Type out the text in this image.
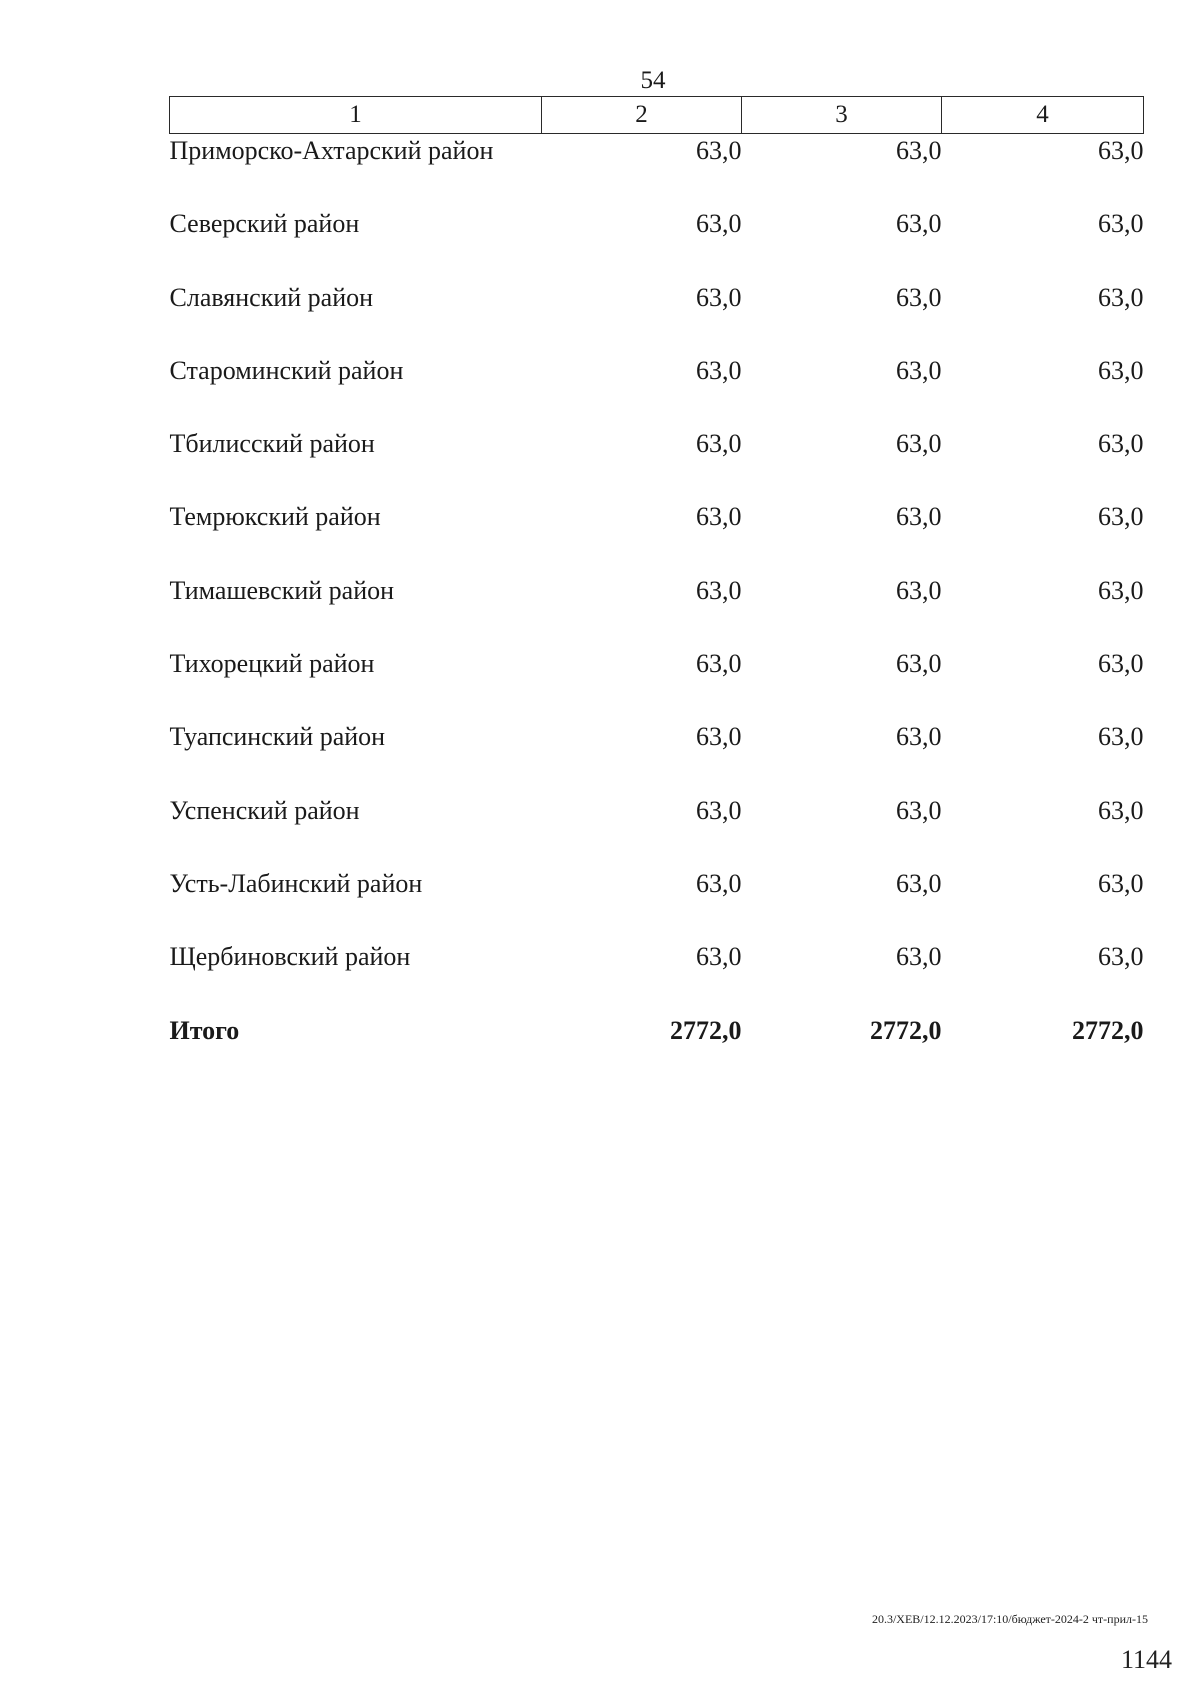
54
1	2	3	4
Приморско-Ахтарский район	63,0	63,0	63,0
Северский район	63,0	63,0	63,0
Славянский район	63,0	63,0	63,0
Староминский район	63,0	63,0	63,0
Тбилисский район	63,0	63,0	63,0
Темрюкский район	63,0	63,0	63,0
Тимашевский район	63,0	63,0	63,0
Тихорецкий район	63,0	63,0	63,0
Туапсинский район	63,0	63,0	63,0
Успенский район	63,0	63,0	63,0
Усть-Лабинский район	63,0	63,0	63,0
Щербиновский район	63,0	63,0	63,0
Итого	2772,0	2772,0	2772,0
20.3/ХЕВ/12.12.2023/17:10/бюджет-2024-2 чт-прил-15
1144
